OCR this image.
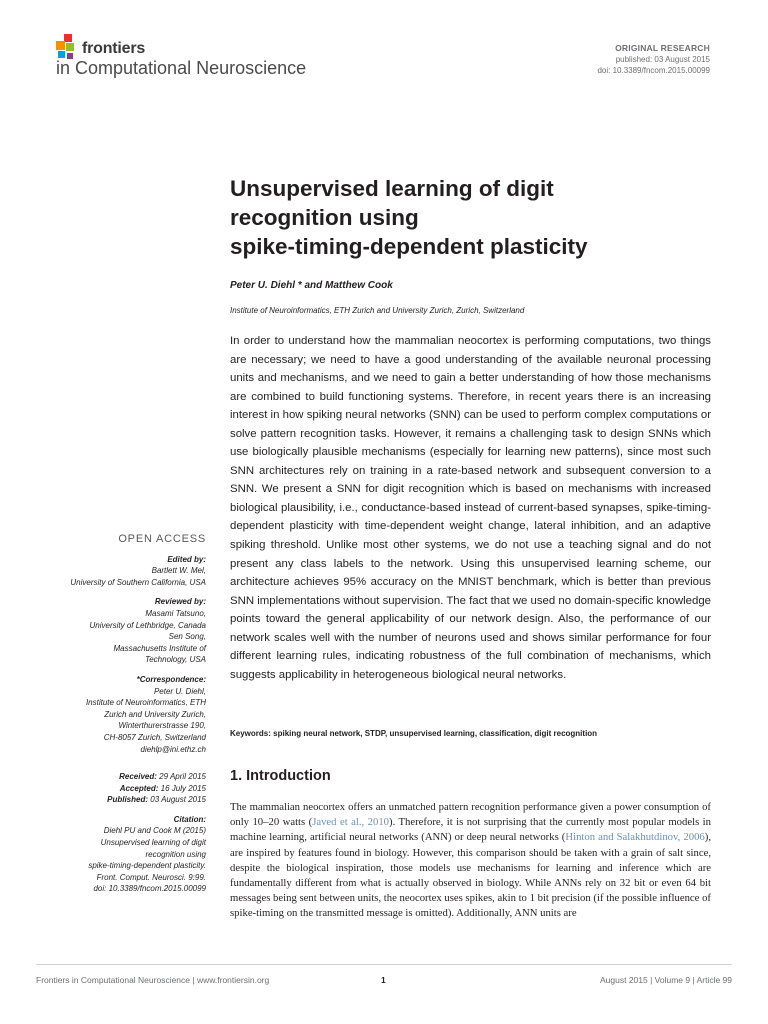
frontiers
in Computational Neuroscience
ORIGINAL RESEARCH
published: 03 August 2015
doi: 10.3389/fncom.2015.00099
Unsupervised learning of digit
recognition using
spike-timing-dependent plasticity
Peter U. Diehl * and Matthew Cook
Institute of Neuroinformatics, ETH Zurich and University Zurich, Zurich, Switzerland

In order to understand how the mammalian neocortex is performing computations, two things are necessary; we need to have a good understanding of the available neuronal processing units and mechanisms, and we need to gain a better understanding of how those mechanisms are combined to build functioning systems. Therefore, in recent years there is an increasing interest in how spiking neural networks (SNN) can be used to perform complex computations or solve pattern recognition tasks. However, it remains a challenging task to design SNNs which use biologically plausible mechanisms (especially for learning new patterns), since most such SNN architectures rely on training in a rate-based network and subsequent conversion to a SNN. We present a SNN for digit recognition which is based on mechanisms with increased biological plausibility, i.e., conductance-based instead of current-based synapses, spike-timing-dependent plasticity with time-dependent weight change, lateral inhibition, and an adaptive spiking threshold. Unlike most other systems, we do not use a teaching signal and do not present any class labels to the network. Using this unsupervised learning scheme, our architecture achieves 95% accuracy on the MNIST benchmark, which is better than previous SNN implementations without supervision. The fact that we used no domain-specific knowledge points toward the general applicability of our network design. Also, the performance of our network scales well with the number of neurons used and shows similar performance for four different learning rules, indicating robustness of the full combination of mechanisms, which suggests applicability in heterogeneous biological neural networks.

Keywords: spiking neural network, STDP, unsupervised learning, classification, digit recognition
1. Introduction

The mammalian neocortex offers an unmatched pattern recognition performance given a power consumption of only 10–20 watts (Javed et al., 2010). Therefore, it is not surprising that the currently most popular models in machine learning, artificial neural networks (ANN) or deep neural networks (Hinton and Salakhutdinov, 2006), are inspired by features found in biology. However, this comparison should be taken with a grain of salt since, despite the biological inspiration, those models use mechanisms for learning and inference which are fundamentally different from what is actually observed in biology. While ANNs rely on 32 bit or even 64 bit messages being sent between units, the neocortex uses spikes, akin to 1 bit precision (if the possible influence of spike-timing on the transmitted message is omitted). Additionally, ANN units are

OPEN ACCESS
Edited by:
Bartlett W. Mel,
University of Southern California, USA
Reviewed by:
Masami Tatsuno,
University of Lethbridge, Canada
Sen Song,
Massachusetts Institute of
Technology, USA
*Correspondence:
Peter U. Diehl,
Institute of Neuroinformatics, ETH
Zurich and University Zurich,
Winterthurerstrasse 190,
CH-8057 Zurich, Switzerland
diehlp@ini.ethz.ch
Received: 29 April 2015
Accepted: 16 July 2015
Published: 03 August 2015
Citation:
Diehl PU and Cook M (2015)
Unsupervised learning of digit
recognition using
spike-timing-dependent plasticity.
Front. Comput. Neurosci. 9:99.
doi: 10.3389/fncom.2015.00099
Frontiers in Computational Neuroscience | www.frontiersin.org	1	August 2015 | Volume 9 | Article 99
